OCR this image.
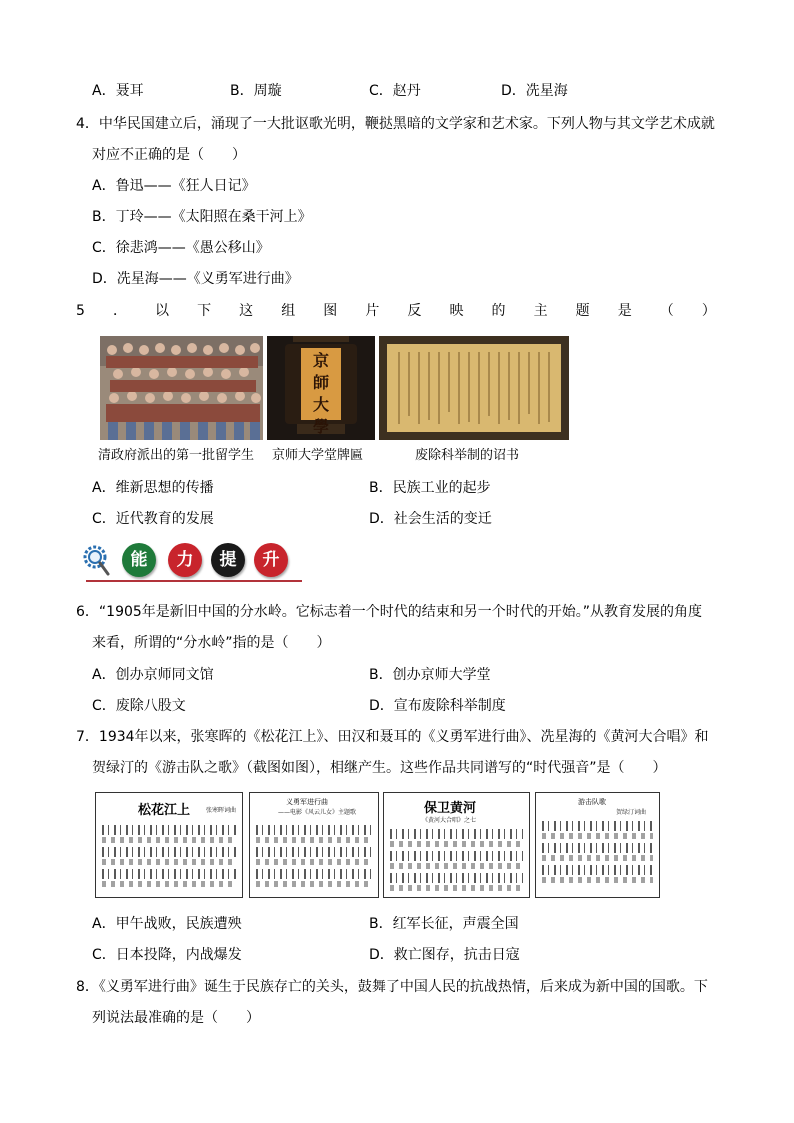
A．聂耳	B．周璇	C．赵丹	D．冼星海
4．中华民国建立后，涌现了一大批讴歌光明，鞭挞黑暗的文学家和艺术家。下列人物与其文学艺术成就
对应不正确的是（　　）
A．鲁迅——《狂人日记》
B．丁玲——《太阳照在桑干河上》
C．徐悲鸿——《愚公移山》
D．冼星海——《义勇军进行曲》
5 ． 以 下 这 组 图 片 反 映 的 主 题 是 （ ）
京師大學
清政府派出的第一批留学生 京师大学堂牌匾	废除科举制的诏书
A．维新思想的传播	B．民族工业的起步
C．近代教育的发展	D．社会生活的变迁
能	力	提	升
6．“1905年是新旧中国的分水岭。它标志着一个时代的结束和另一个时代的开始。”从教育发展的角度
来看，所谓的“分水岭”指的是（　　）
A．创办京师同文馆	B．创办京师大学堂
C．废除八股文	D．宣布废除科举制度
7．1934年以来，张寒晖的《松花江上》、田汉和聂耳的《义勇军进行曲》、冼星海的《黄河大合唱》和
贺绿汀的《游击队之歌》（截图如图），相继产生。这些作品共同谱写的“时代强音”是（　　）
松花江上	张寒晖词曲
义勇军进行曲
——电影《风云儿女》主题歌	保卫黄河
《黄河大合唱》之七
游击队歌
贺绿汀词曲
A．甲午战败，民族遭殃	B．红军长征，声震全国
C．日本投降，内战爆发	D．救亡图存，抗击日寇
8．《义勇军进行曲》诞生于民族存亡的关头，鼓舞了中国人民的抗战热情，后来成为新中国的国歌。下
列说法最准确的是（　　）
